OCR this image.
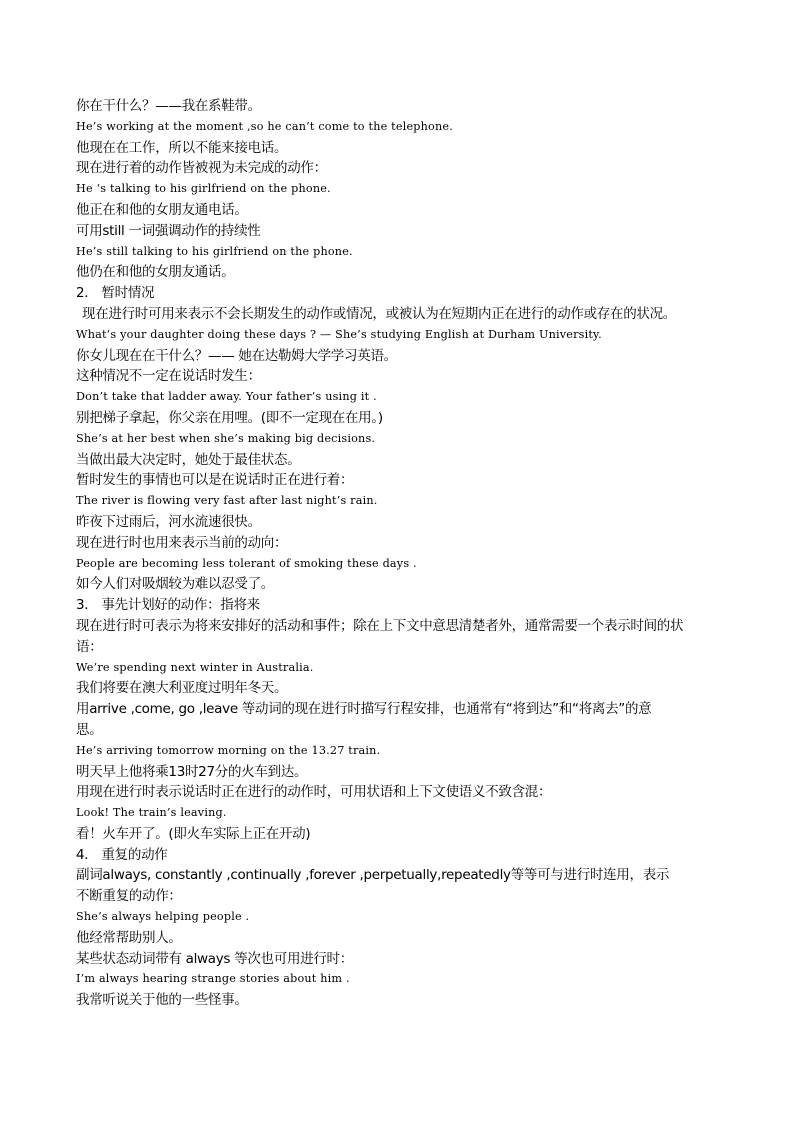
你在干什么？——我在系鞋带。
He’s working at the moment ,so he can’t come to the telephone.
他现在在工作，所以不能来接电话。
现在进行着的动作皆被视为未完成的动作：
He ‘s talking to his girlfriend on the phone.
他正在和他的女朋友通电话。
可用still 一词强调动作的持续性
He’s still talking to his girlfriend on the phone.
他仍在和他的女朋友通话。
2． 暂时情况
现在进行时可用来表示不会长期发生的动作或情况，或被认为在短期内正在进行的动作或存在的状况。
What’s your daughter doing these days ? — She’s studying English at Durham University.
你女儿现在在干什么？—— 她在达勒姆大学学习英语。
这种情况不一定在说话时发生：
Don’t take that ladder away. Your father’s using it .
别把梯子拿起，你父亲在用哩。(即不一定现在在用。)
She’s at her best when she’s making big decisions.
当做出最大决定时，她处于最佳状态。
暂时发生的事情也可以是在说话时正在进行着：
The river is flowing very fast after last night’s rain.
昨夜下过雨后，河水流速很快。
现在进行时也用来表示当前的动向：
People are becoming less tolerant of smoking these days .
如今人们对吸烟较为难以忍受了。
3． 事先计划好的动作：指将来
现在进行时可表示为将来安排好的活动和事件；除在上下文中意思清楚者外，通常需要一个表示时间的状
语：
We’re spending next winter in Australia.
我们将要在澳大利亚度过明年冬天。
用arrive ,come, go ,leave 等动词的现在进行时描写行程安排，也通常有“将到达”和“将离去”的意
思。
He’s arriving tomorrow morning on the 13.27 train.
明天早上他将乘13时27分的火车到达。
用现在进行时表示说话时正在进行的动作时，可用状语和上下文使语义不致含混：
Look! The train’s leaving.
看！火车开了。(即火车实际上正在开动)
4． 重复的动作
副词always, constantly ,continually ,forever ,perpetually,repeatedly等等可与进行时连用，表示
不断重复的动作：
She’s always helping people .
他经常帮助别人。
某些状态动词带有 always 等次也可用进行时：
I’m always hearing strange stories about him .
我常听说关于他的一些怪事。
